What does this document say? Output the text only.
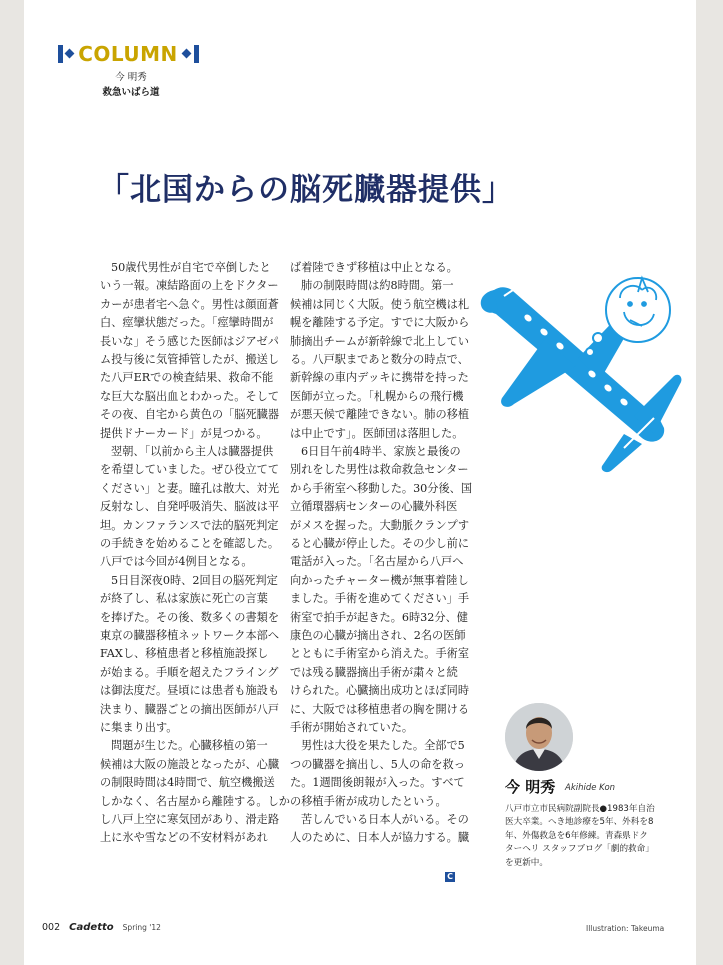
COLUMN
今 明秀
救急いばら道
「北国からの脳死臓器提供」
50歳代男性が自宅で卒倒したと
いう一報。凍結路面の上をドクター
カーが患者宅へ急ぐ。男性は顔面蒼
白、痙攣状態だった。「痙攣時間が
長いな」そう感じた医師はジアゼパ
ム投与後に気管挿管したが、搬送し
た八戸ERでの検査結果、救命不能
な巨大な脳出血とわかった。そして
その夜、自宅から黄色の「脳死臓器
提供ドナーカード」が見つかる。
翌朝、「以前から主人は臓器提供
を希望していました。ぜひ役立てて
ください」と妻。瞳孔は散大、対光
反射なし、自発呼吸消失、脳波は平
坦。カンファランスで法的脳死判定
の手続きを始めることを確認した。
八戸では今回が4例目となる。
5日目深夜0時、2回目の脳死判定
が終了し、私は家族に死亡の言葉
を捧げた。その後、数多くの書類を
東京の臓器移植ネットワーク本部へ
FAXし、移植患者と移植施設探し
が始まる。手順を超えたフライング
は御法度だ。昼頃には患者も施設も
決まり、臓器ごとの摘出医師が八戸
に集まり出す。
問題が生じた。心臓移植の第一
候補は大阪の施設となったが、心臓
の制限時間は4時間で、航空機搬送
しかなく、名古屋から離陸する。しか
し八戸上空に寒気団があり、滑走路
上に氷や雪などの不安材料があれ
ば着陸できず移植は中止となる。
肺の制限時間は約8時間。第一
候補は同じく大阪。使う航空機は札
幌を離陸する予定。すでに大阪から
肺摘出チームが新幹線で北上してい
る。八戸駅まであと数分の時点で、
新幹線の車内デッキに携帯を持った
医師が立った。「札幌からの飛行機
が悪天候で離陸できない。肺の移植
は中止です」。医師団は落胆した。
6日目午前4時半、家族と最後の
別れをした男性は救命救急センター
から手術室へ移動した。30分後、国
立循環器病センターの心臓外科医
がメスを握った。大動脈クランプす
ると心臓が停止した。その少し前に
電話が入った。「名古屋から八戸へ
向かったチャーター機が無事着陸し
ました。手術を進めてください」手
術室で拍手が起きた。6時32分、健
康色の心臓が摘出され、2名の医師
とともに手術室から消えた。手術室
では残る臓器摘出手術が粛々と続
けられた。心臓摘出成功とほぼ同時
に、大阪では移植患者の胸を開ける
手術が開始されていた。
男性は大役を果たした。全部で5
つの臓器を摘出し、5人の命を救っ
た。1週間後朗報が入った。すべて
の移植手術が成功したという。
苦しんでいる日本人がいる。その
人のために、日本人が協力する。臓
C
今 明秀 Akihide Kon
八戸市立市民病院副院長●1983年自治
医大卒業。へき地診療を5年、外科を8
年、外傷救急を6年修練。青森県ドク
ターヘリ スタッフブログ「劇的救命」
を更新中。
002 Cadetto Spring '12	Illustration: Takeuma
